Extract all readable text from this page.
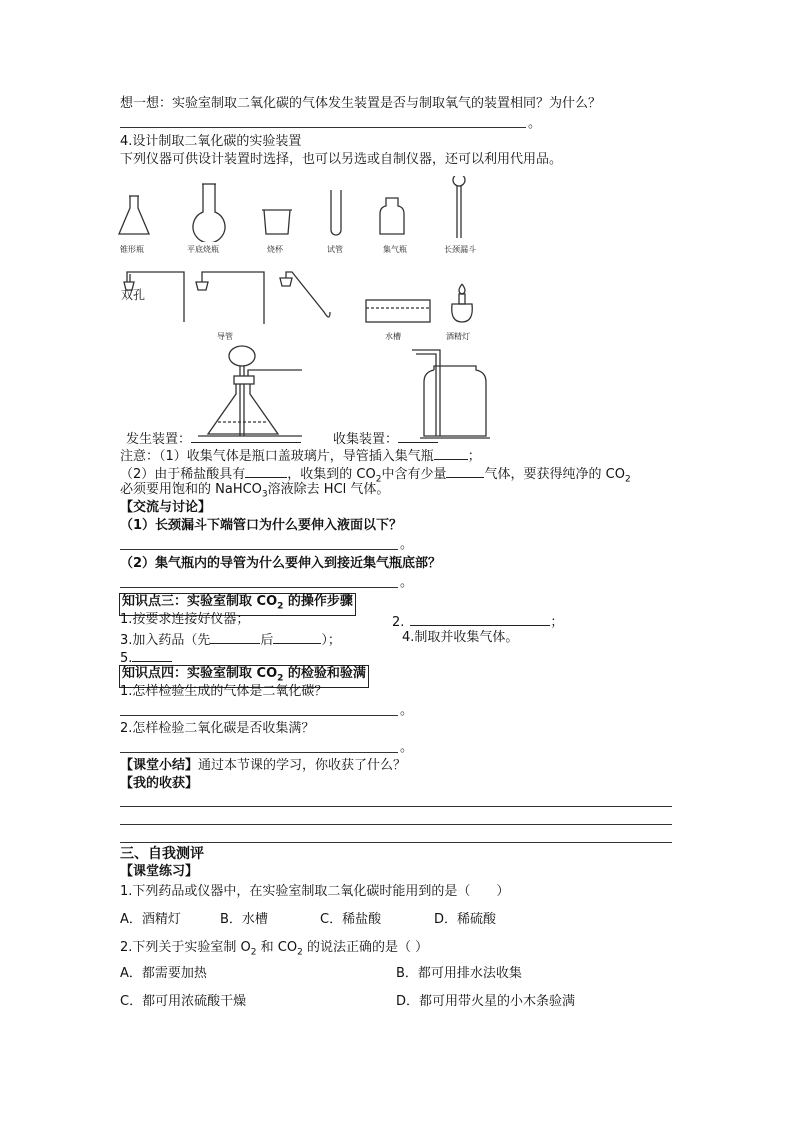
想一想：实验室制取二氧化碳的气体发生装置是否与制取氧气的装置相同？为什么？
。
4.设计制取二氧化碳的实验装置
下列仪器可供设计装置时选择，也可以另选或自制仪器，还可以利用代用品。
锥形瓶	平底烧瓶	烧杯	试管	集气瓶	长颈漏斗
双孔
导管	水槽	酒精灯
发生装置：	收集装置：
注意：（1）收集气体是瓶口盖玻璃片，导管插入集气瓶	；
（2）由于稀盐酸具有	，收集到的 $CO_2$中含有少量	气体，要获得纯净的 $CO_2$
必须要用饱和的 NaHCO$_3$溶液除去 HCl 气体。
【交流与讨论】
（1）长颈漏斗下端管口为什么要伸入液面以下？
。
（2）集气瓶内的导管为什么要伸入到接近集气瓶底部？
。
知识点三：实验室制取 $CO_2$ 的操作步骤
1.按要求连接好仪器；	2.	；
3.加入药品（先	后	）；	4.制取并收集气体。
5.
知识点四：实验室制取 $CO_2$ 的检验和验满
1.怎样检验生成的气体是二氧化碳？
。
2.怎样检验二氧化碳是否收集满？
。
【课堂小结】通过本节课的学习，你收获了什么？
【我的收获】
三、自我测评
【课堂练习】
1.下列药品或仪器中，在实验室制取二氧化碳时能用到的是（　　）
A．酒精灯	B．水槽	C．稀盐酸	D．稀硫酸
2.下列关于实验室制 $O_2$ 和 $CO_2$ 的说法正确的是（ ）
A．都需要加热	B．都可用排水法收集
C．都可用浓硫酸干燥	D．都可用带火星的小木条验满
